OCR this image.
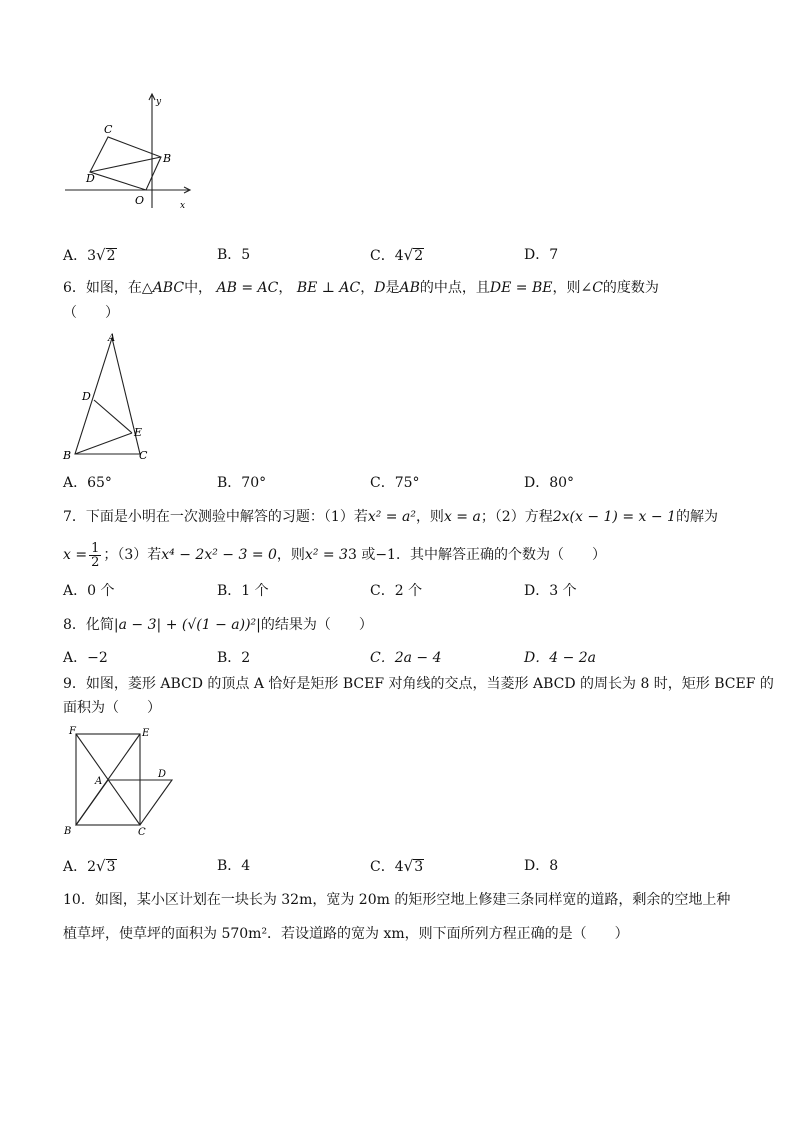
y
C
B
D
O	x
A．3√2	B．5	C．4√2	D．7
6．如图，在△ABC中， AB = AC， BE ⊥ AC，D是AB的中点，且DE = BE，则∠C的度数为
（　　）
A
D
E
B	C
A．65°	B．70°	C．75°	D．80°
7．下面是小明在一次测验中解答的习题：（1）若x² = a²，则x = a；（2）方程2x(x − 1) = x − 1的解为
$x = \frac{1}{2}$ ；（3）若x⁴ − 2x² − 3 = 0，则x² = 33 或−1．其中解答正确的个数为（　　）
A．0 个	B．1 个	C．2 个	D．3 个
8．化简|a − 3| + (√(1 − a))²|的结果为（　　）
A．−2	B．2	C．2a − 4	D．4 − 2a
9．如图，菱形 ABCD 的顶点 A 恰好是矩形 BCEF 对角线的交点，当菱形 ABCD 的周长为 8 时，矩形 BCEF 的
面积为（　　）
F	E
A
D
B	C
A．2√3	B．4	C．4√3	D．8
10．如图，某小区计划在一块长为 32m，宽为 20m 的矩形空地上修建三条同样宽的道路，剩余的空地上种
植草坪，使草坪的面积为 570m²．若设道路的宽为 xm，则下面所列方程正确的是（　　）
